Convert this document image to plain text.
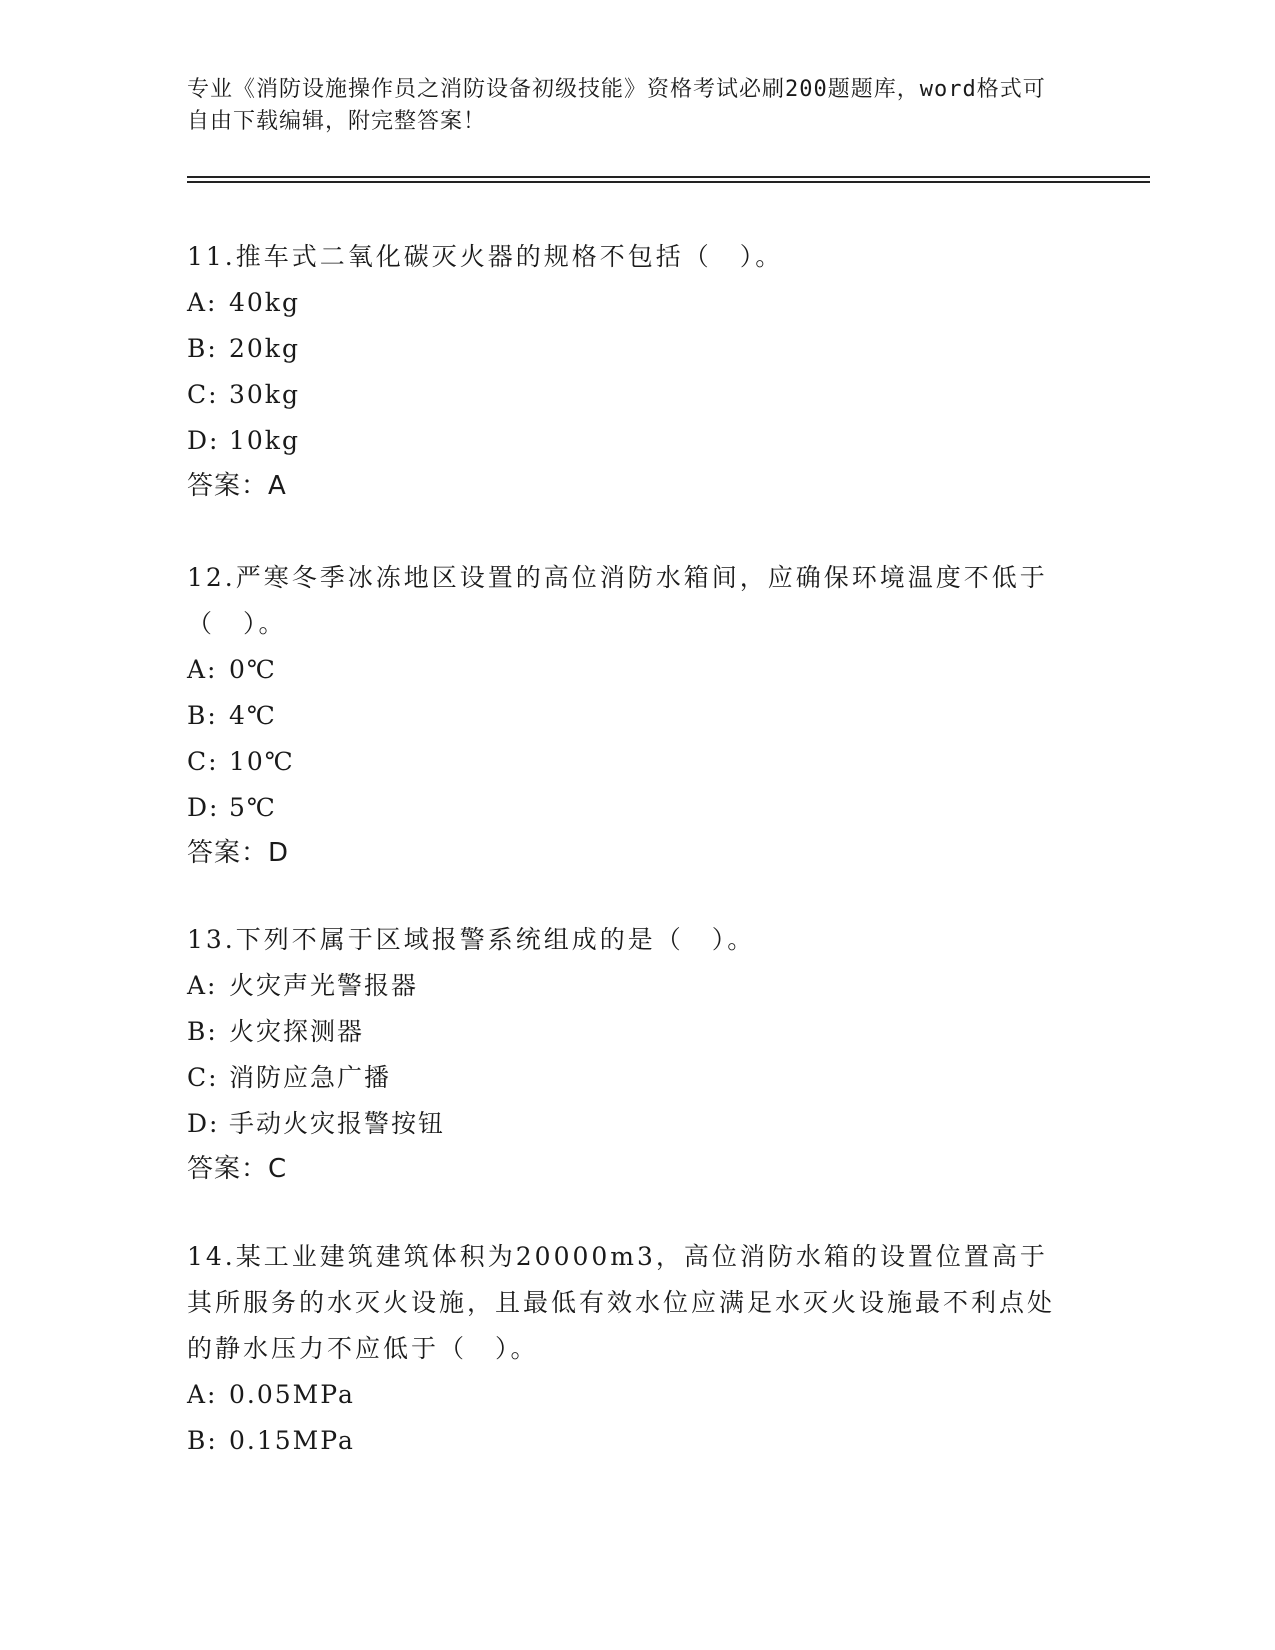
专业《消防设施操作员之消防设备初级技能》资格考试必刷200题题库，word格式可自由下载编辑，附完整答案！
11.推车式二氧化碳灭火器的规格不包括（　）。
A: 40kg
B: 20kg
C: 30kg
D: 10kg
答案：A
12.严寒冬季冰冻地区设置的高位消防水箱间，应确保环境温度不低于（　）。
A: 0℃
B: 4℃
C: 10℃
D: 5℃
答案：D
13.下列不属于区域报警系统组成的是（　）。
A: 火灾声光警报器
B: 火灾探测器
C: 消防应急广播
D: 手动火灾报警按钮
答案：C
14.某工业建筑建筑体积为20000m3，高位消防水箱的设置位置高于其所服务的水灭火设施，且最低有效水位应满足水灭火设施最不利点处的静水压力不应低于（　）。
A: 0.05MPa
B: 0.15MPa
